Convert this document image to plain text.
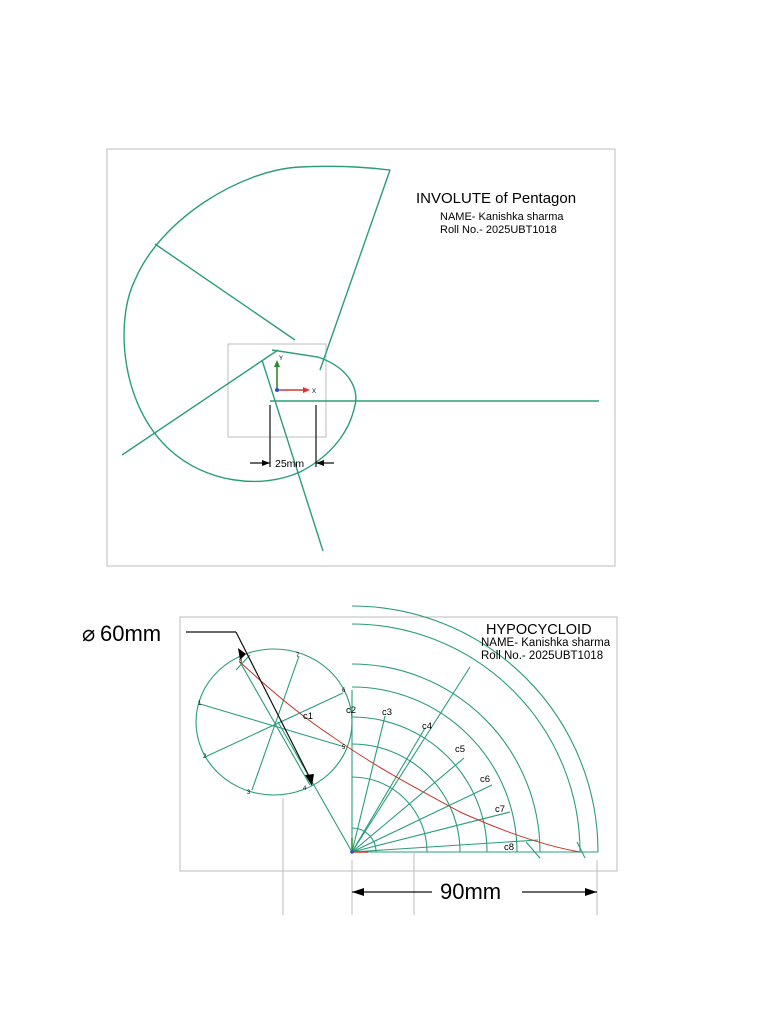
Y
X
25mm
INVOLUTE of Pentagon
NAME- Kanishka sharma
Roll No.- 2025UBT1018
⌀ 60mm
90mm
c1
c2	c3
c4
c5
c6
c7
c8
1
2
3
4
5
6
7
8
HYPOCYCLOID
NAME- Kanishka sharma
Roll No.- 2025UBT1018
